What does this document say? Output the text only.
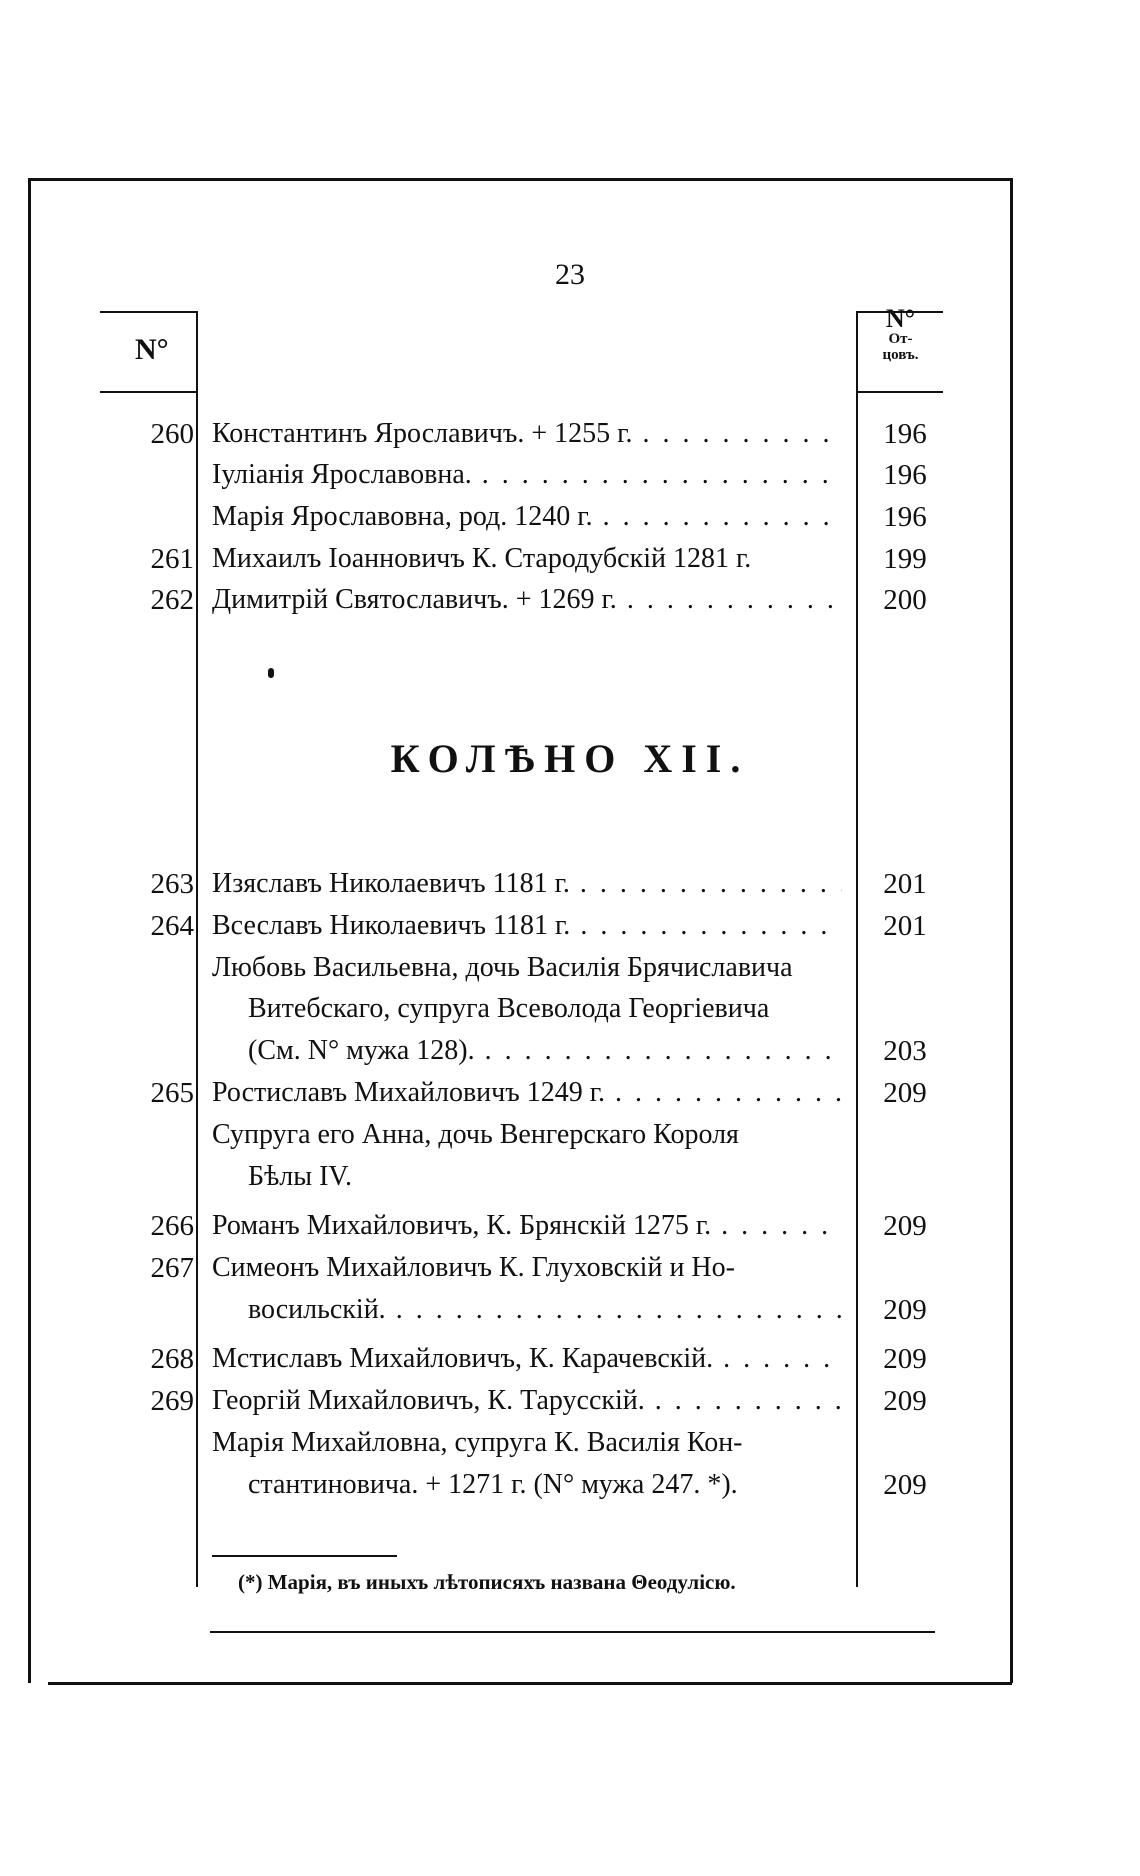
23
N°
N°
От-
цовъ.
260 Константинъ Ярославичъ. + 1255 г. . . .	196
Іуліанія Ярославовна. . . .	196
Марія Ярославовна, род. 1240 г. . . .	196
261 Михаилъ Іоанновичъ К. Стародубскій 1281 г.	199
262 Димитрій Святославичъ. + 1269 г. . . .	200
КОЛѢНО XII.
263 Изяславъ Николаевичъ 1181 г. . . .	201
264 Всеславъ Николаевичъ 1181 г. . . .	201
Любовь Васильевна, дочь Василія Брячиславича
Витебскаго, супруга Всеволода Георгіевича
(См. N° мужа 128). . . .	203
265 Ростиславъ Михайловичъ 1249 г. . . .	209
Супруга его Анна, дочь Венгерскаго Короля
Бѣлы IV.
266 Романъ Михайловичъ, К. Брянскій 1275 г. . . .	209
267 Симеонъ Михайловичъ К. Глуховскій и Но-
восильскій. . . .	209
268 Мстиславъ Михайловичъ, К. Карачевскій. . . .	209
269 Георгій Михайловичъ, К. Тарусскій. . . .	209
Марія Михайловна, супруга К. Василія Кон-
стантиновича. + 1271 г. (N° мужа 247. *).	209
(*) Марія, въ иныхъ лѣтописяхъ названа Θеодулісю.
